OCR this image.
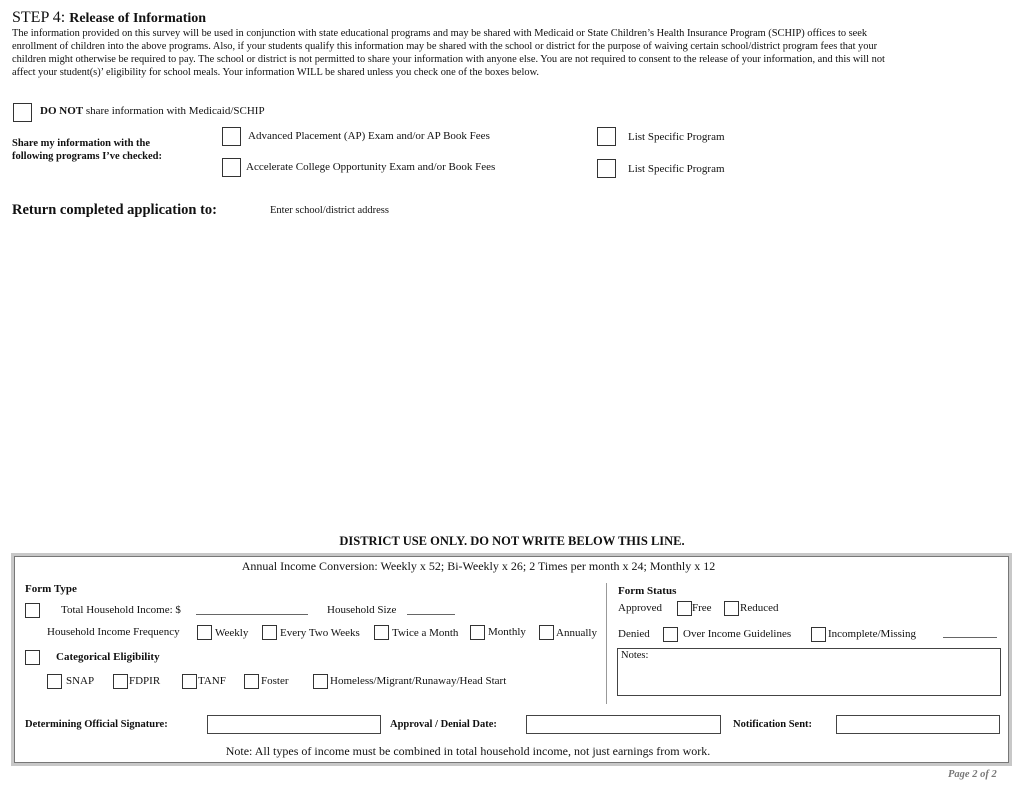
STEP 4: Release of Information
The information provided on this survey will be used in conjunction with state educational programs and may be shared with Medicaid or State Children’s Health Insurance Program (SCHIP) offices to seek
enrollment of children into the above programs. Also, if your students qualify this information may be shared with the school or district for the purpose of waiving certain school/district program fees that your
children might otherwise be required to pay. The school or district is not permitted to share your information with anyone else. You are not required to consent to the release of your information, and this will not
affect your student(s)’ eligibility for school meals. Your information WILL be shared unless you check one of the boxes below.
DO NOT share information with Medicaid/SCHIP
Share my information with the
following programs I’ve checked:
Advanced Placement (AP) Exam and/or AP Book Fees
Accelerate College Opportunity Exam and/or Book Fees
List Specific Program
List Specific Program
Return completed application to:	Enter school/district address
DISTRICT USE ONLY. DO NOT WRITE BELOW THIS LINE.
Annual Income Conversion: Weekly x 52; Bi-Weekly x 26; 2 Times per month x 24; Monthly x 12
Form Type
Total Household Income: $	Household Size
Household Income Frequency	Weekly	Every Two Weeks	Twice a Month	Monthly	Annually
Categorical Eligibility
SNAP	FDPIR	TANF	Foster	Homeless/Migrant/Runaway/Head Start
Form Status
Approved	Free	Reduced
Denied	Over Income Guidelines	Incomplete/Missing
Notes:
Determining Official Signature:	Approval / Denial Date:	Notification Sent:
Note: All types of income must be combined in total household income, not just earnings from work.
Page 2 of 2
